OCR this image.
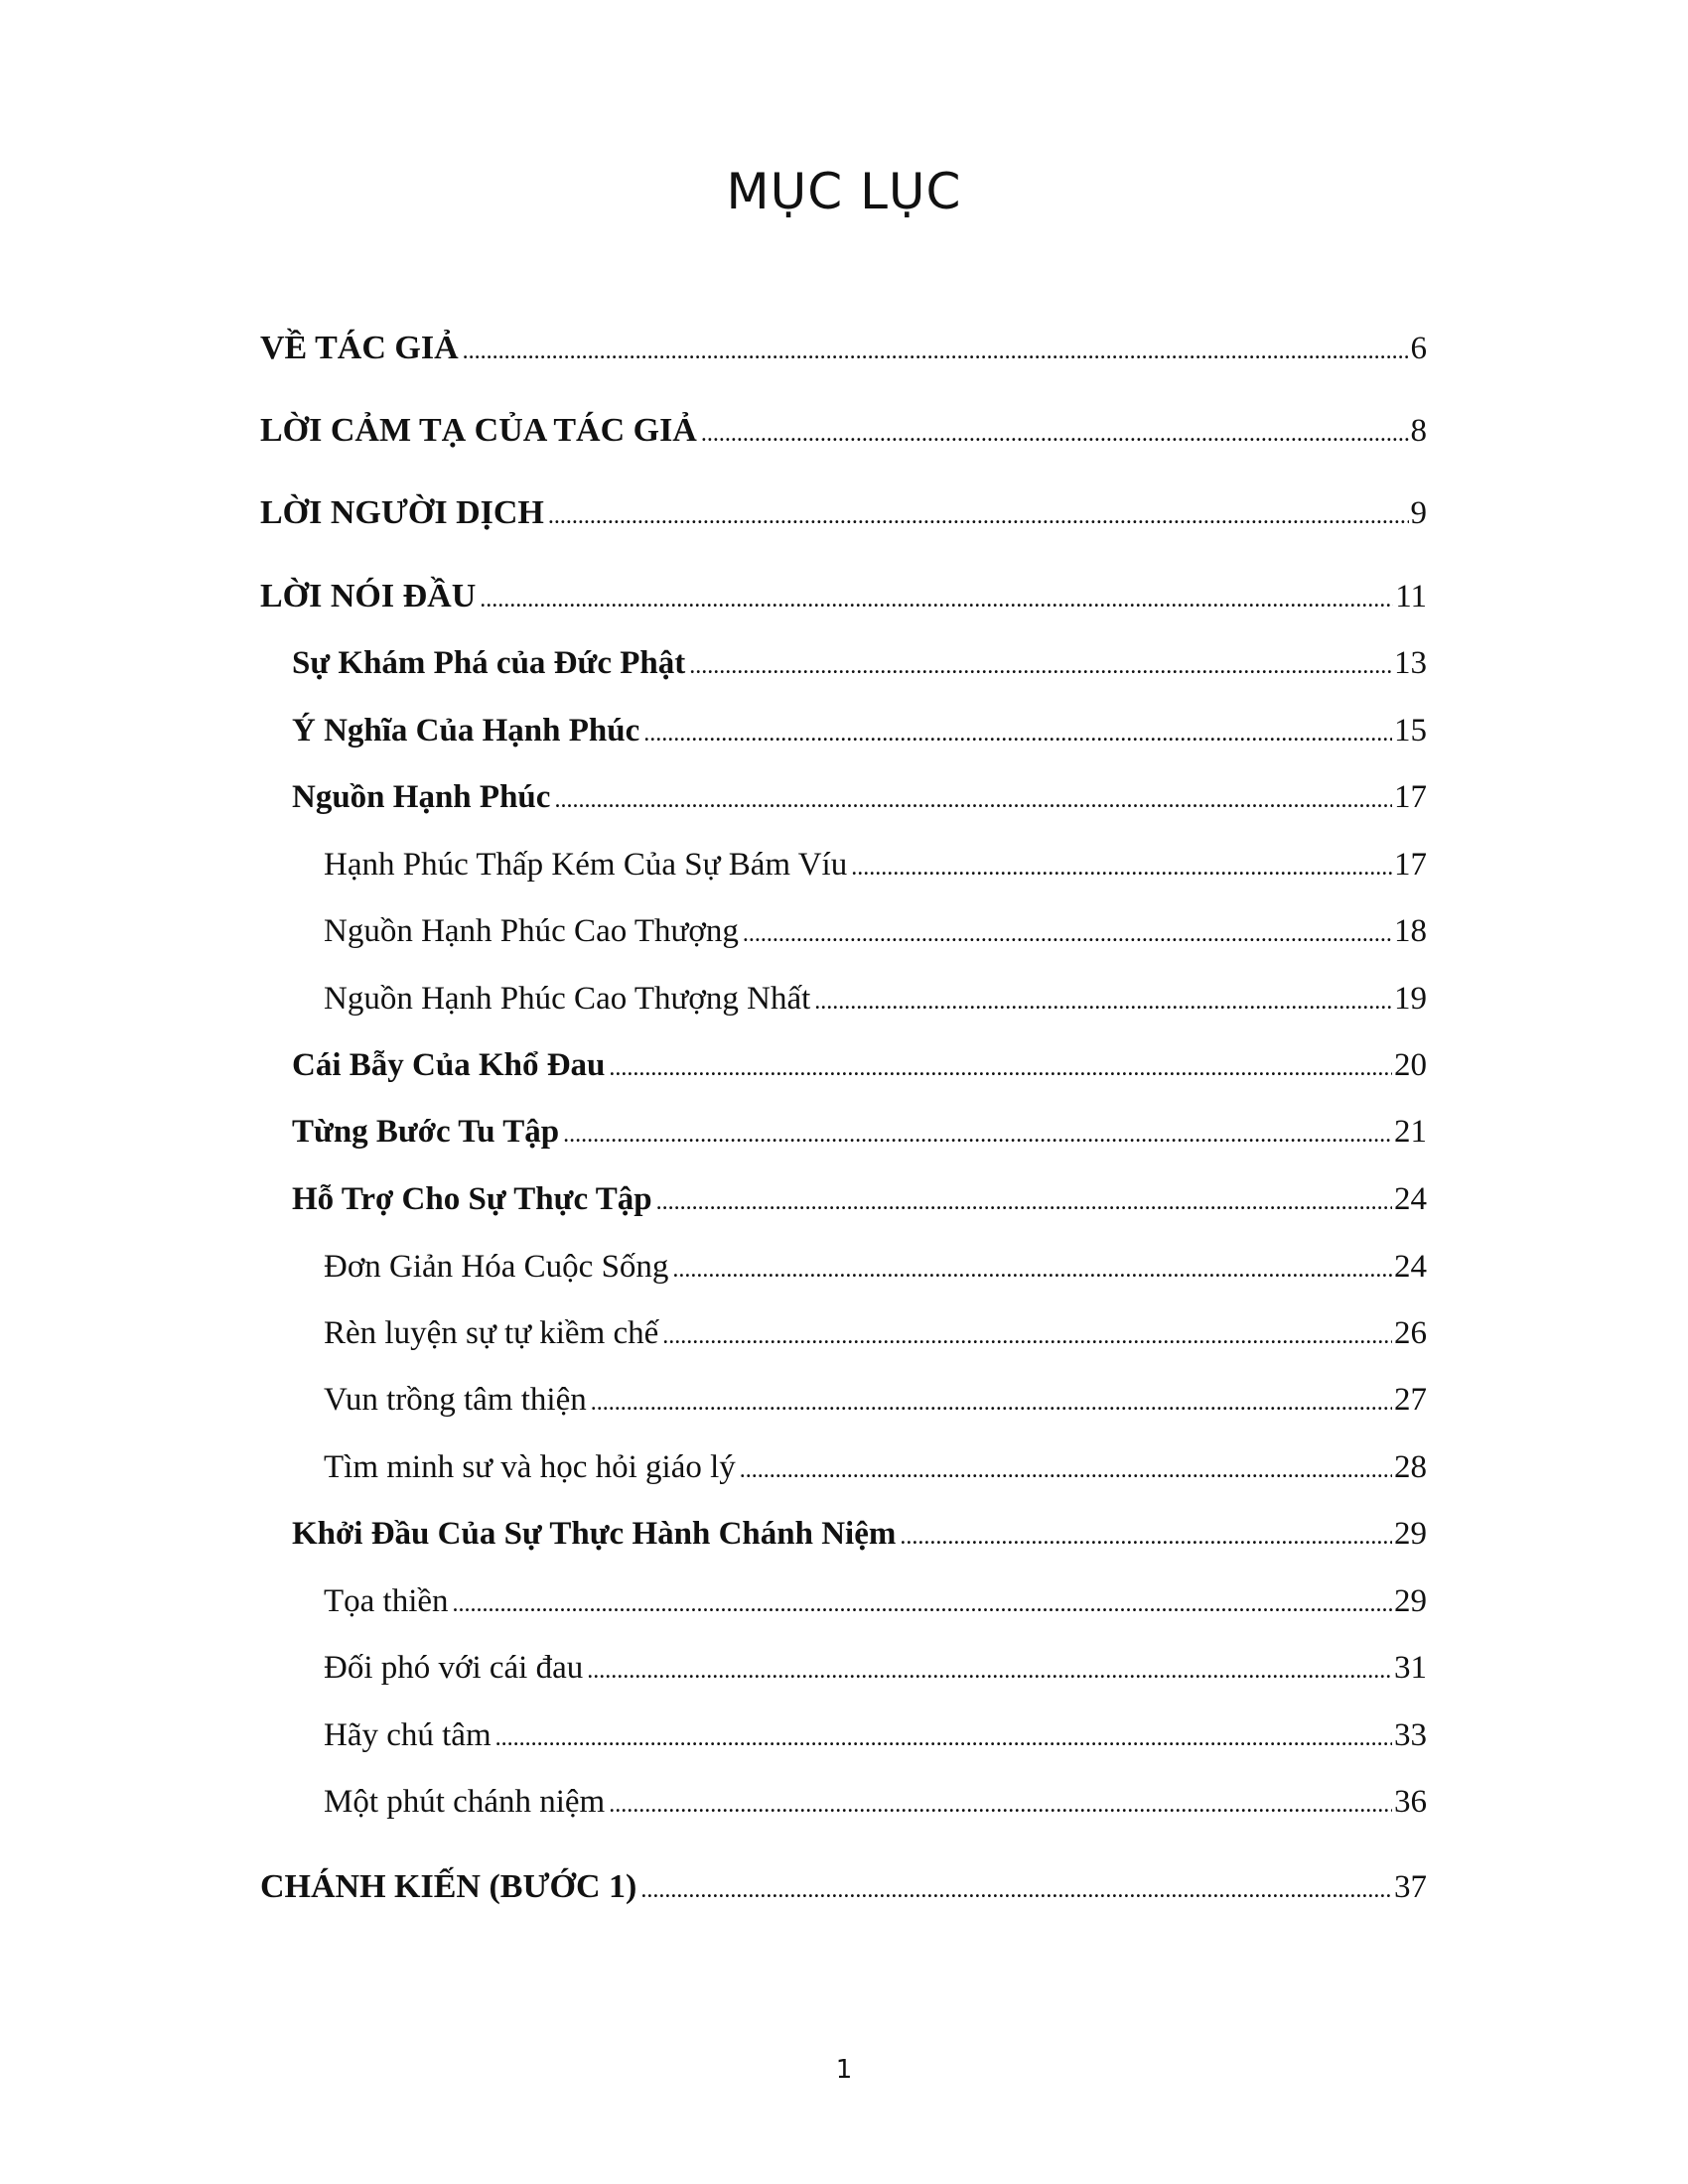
MỤC LỤC
VỀ TÁC GIẢ .....	6
LỜI CẢM TẠ CỦA TÁC GIẢ .....	8
LỜI NGƯỜI DỊCH .....	9
LỜI NÓI ĐẦU .....	11
Sự Khám Phá của Đức Phật .....	13
Ý Nghĩa Của Hạnh Phúc .....	15
Nguồn Hạnh Phúc .....	17
Hạnh Phúc Thấp Kém Của Sự Bám Víu .....	17
Nguồn Hạnh Phúc Cao Thượng .....	18
Nguồn Hạnh Phúc Cao Thượng Nhất .....	19
Cái Bẫy Của Khổ Đau .....	20
Từng Bước Tu Tập .....	21
Hỗ Trợ Cho Sự Thực Tập .....	24
Đơn Giản Hóa Cuộc Sống .....	24
Rèn luyện sự tự kiềm chế .....	26
Vun trồng tâm thiện .....	27
Tìm minh sư và học hỏi giáo lý .....	28
Khởi Đầu Của Sự Thực Hành Chánh Niệm .....	29
Tọa thiền .....	29
Đối phó với cái đau .....	31
Hãy chú tâm .....	33
Một phút chánh niệm .....	36
CHÁNH KIẾN (BƯỚC 1) .....	37
1
